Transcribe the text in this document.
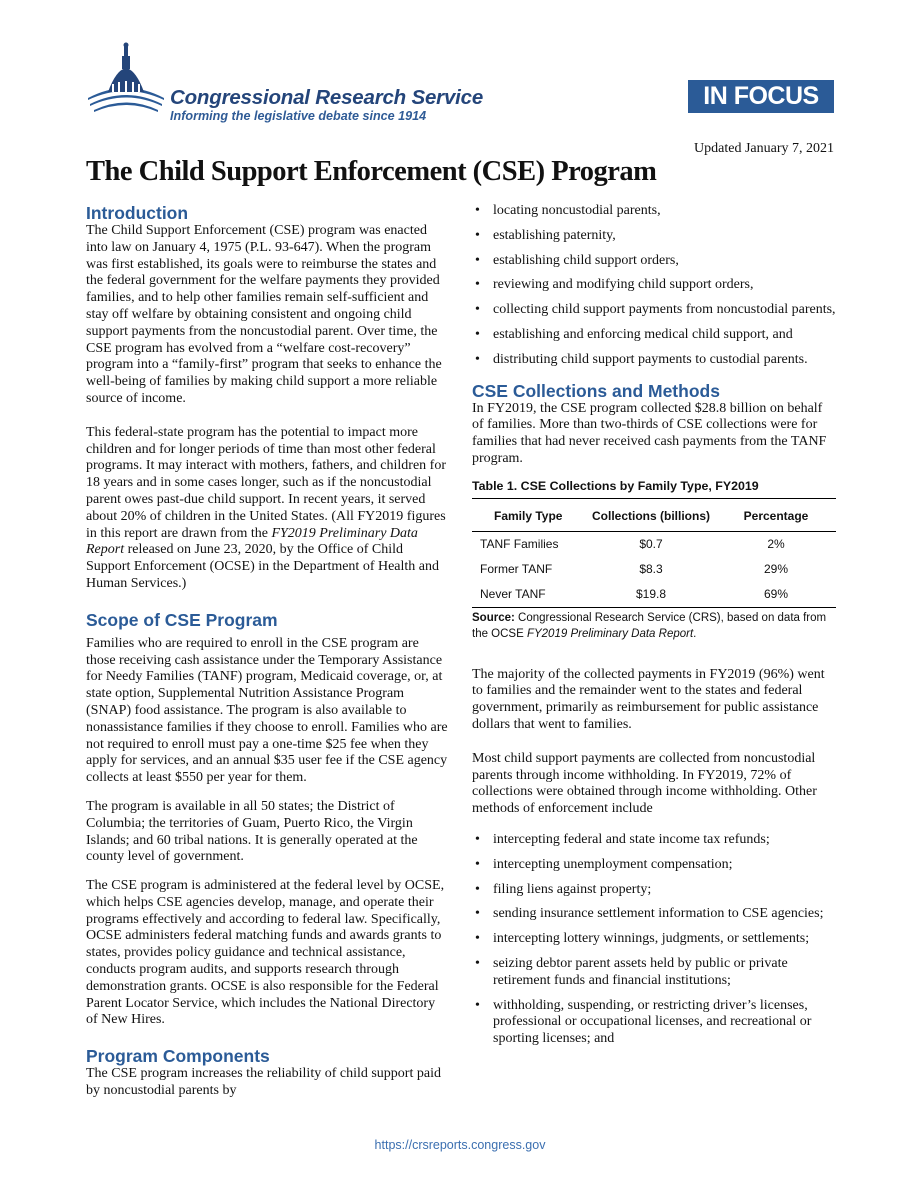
Congressional Research Service
Informing the legislative debate since 1914
IN FOCUS
Updated January 7, 2021
The Child Support Enforcement (CSE) Program
Introduction

The Child Support Enforcement (CSE) program was enacted into law on January 4, 1975 (P.L. 93-647). When the program was first established, its goals were to reimburse the states and the federal government for the welfare payments they provided families, and to help other families remain self-sufficient and stay off welfare by obtaining consistent and ongoing child support payments from the noncustodial parent. Over time, the CSE program has evolved from a “welfare cost-recovery” program into a “family-first” program that seeks to enhance the well-being of families by making child support a more reliable source of income.

This federal-state program has the potential to impact more children and for longer periods of time than most other federal programs. It may interact with mothers, fathers, and children for 18 years and in some cases longer, such as if the noncustodial parent owes past-due child support. In recent years, it served about 20% of children in the United States. (All FY2019 figures in this report are drawn from the FY2019 Preliminary Data Report released on June 23, 2020, by the Office of Child Support Enforcement (OCSE) in the Department of Health and Human Services.)

Scope of CSE Program

Families who are required to enroll in the CSE program are those receiving cash assistance under the Temporary Assistance for Needy Families (TANF) program, Medicaid coverage, or, at state option, Supplemental Nutrition Assistance Program (SNAP) food assistance. The program is also available to nonassistance families if they choose to enroll. Families who are not required to enroll must pay a one-time $25 fee when they apply for services, and an annual $35 user fee if the CSE agency collects at least $550 per year for them.

The program is available in all 50 states; the District of Columbia; the territories of Guam, Puerto Rico, the Virgin Islands; and 60 tribal nations. It is generally operated at the county level of government.

The CSE program is administered at the federal level by OCSE, which helps CSE agencies develop, manage, and operate their programs effectively and according to federal law. Specifically, OCSE administers federal matching funds and awards grants to states, provides policy guidance and technical assistance, conducts program audits, and supports research through demonstration grants. OCSE is also responsible for the Federal Parent Locator Service, which includes the National Directory of New Hires.

Program Components

The CSE program increases the reliability of child support paid by noncustodial parents by

• locating noncustodial parents,
• establishing paternity,
• establishing child support orders,
• reviewing and modifying child support orders,
• collecting child support payments from noncustodial parents,
• establishing and enforcing medical child support, and
• distributing child support payments to custodial parents.
CSE Collections and Methods

In FY2019, the CSE program collected $28.8 billion on behalf of families. More than two-thirds of CSE collections were for families that had never received cash payments from the TANF program.

Table 1. CSE Collections by Family Type, FY2019
Family Type	Collections (billions)	Percentage
TANF Families	$0.7	2%
Former TANF	$8.3	29%
Never TANF	$19.8	69%
Source: Congressional Research Service (CRS), based on data from the OCSE FY2019 Preliminary Data Report.

The majority of the collected payments in FY2019 (96%) went to families and the remainder went to the states and federal government, primarily as reimbursement for public assistance dollars that went to families.

Most child support payments are collected from noncustodial parents through income withholding. In FY2019, 72% of collections were obtained through income withholding. Other methods of enforcement include

• intercepting federal and state income tax refunds;
• intercepting unemployment compensation;
• filing liens against property;
• sending insurance settlement information to CSE agencies;
• intercepting lottery winnings, judgments, or settlements;
• seizing debtor parent assets held by public or private retirement funds and financial institutions;
• withholding, suspending, or restricting driver’s licenses, professional or occupational licenses, and recreational or sporting licenses; and
https://crsreports.congress.gov
